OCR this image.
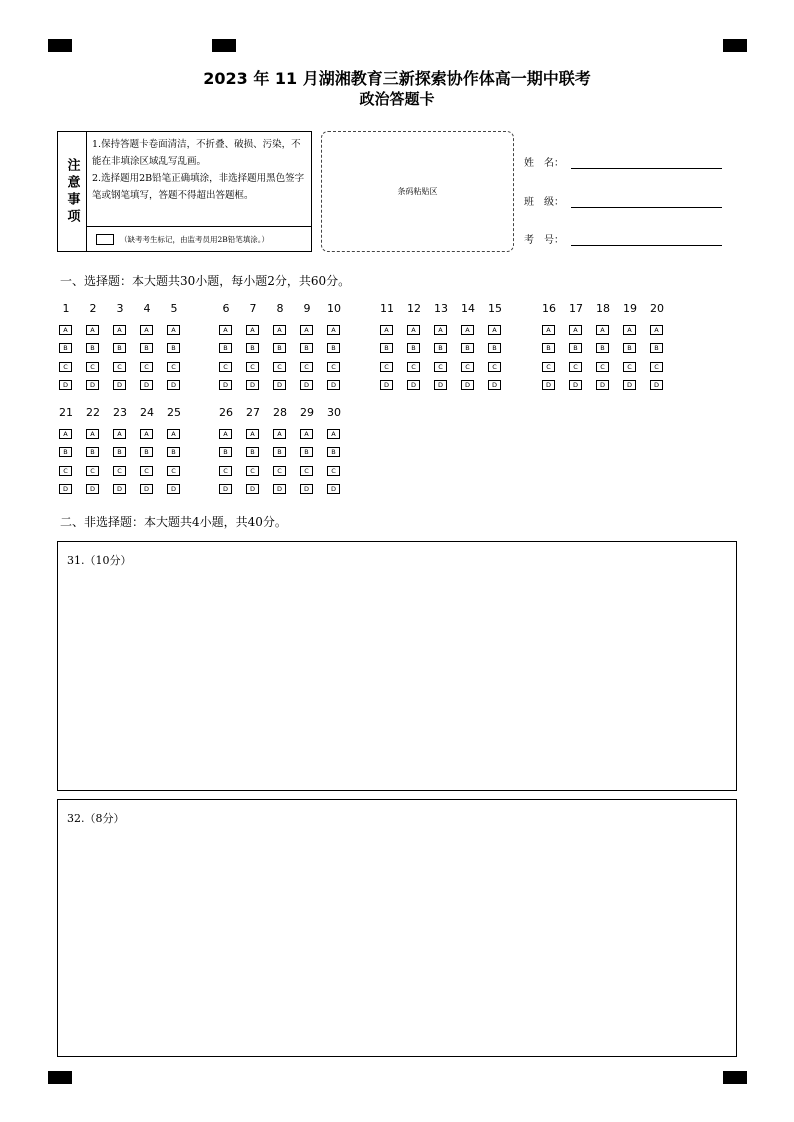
2023 年 11 月湖湘教育三新探索协作体高一期中联考
政治答题卡
注意事项
1.保持答题卡卷面清洁，不折叠、破损、污染，不能在非填涂区域乱写乱画。
2.选择题用2B铅笔正确填涂，非选择题用黑色签字笔或钢笔填写，答题不得超出答题框。
（缺考考生标记，由监考员用2B铅笔填涂。）
条码粘贴区
姓　名：
班　级：
考　号：
一、选择题：本大题共30小题，每小题2分，共60分。
1
A
B
C
D
2
A
B
C
D
3
A
B
C
D
4
A
B
C
D
5
A
B
C
D
6
A
B
C
D
7
A
B
C
D
8
A
B
C
D
9
A
B
C
D
10
A
B
C
D
11
A
B
C
D
12
A
B
C
D
13
A
B
C
D
14
A
B
C
D
15
A
B
C
D
16
A
B
C
D
17
A
B
C
D
18
A
B
C
D
19
A
B
C
D
20
A
B
C
D
21
A
B
C
D
22
A
B
C
D
23
A
B
C
D
24
A
B
C
D
25
A
B
C
D
26
A
B
C
D
27
A
B
C
D
28
A
B
C
D
29
A
B
C
D
30
A
B
C
D
二、非选择题：本大题共4小题，共40分。
31.（10分）
32.（8分）
